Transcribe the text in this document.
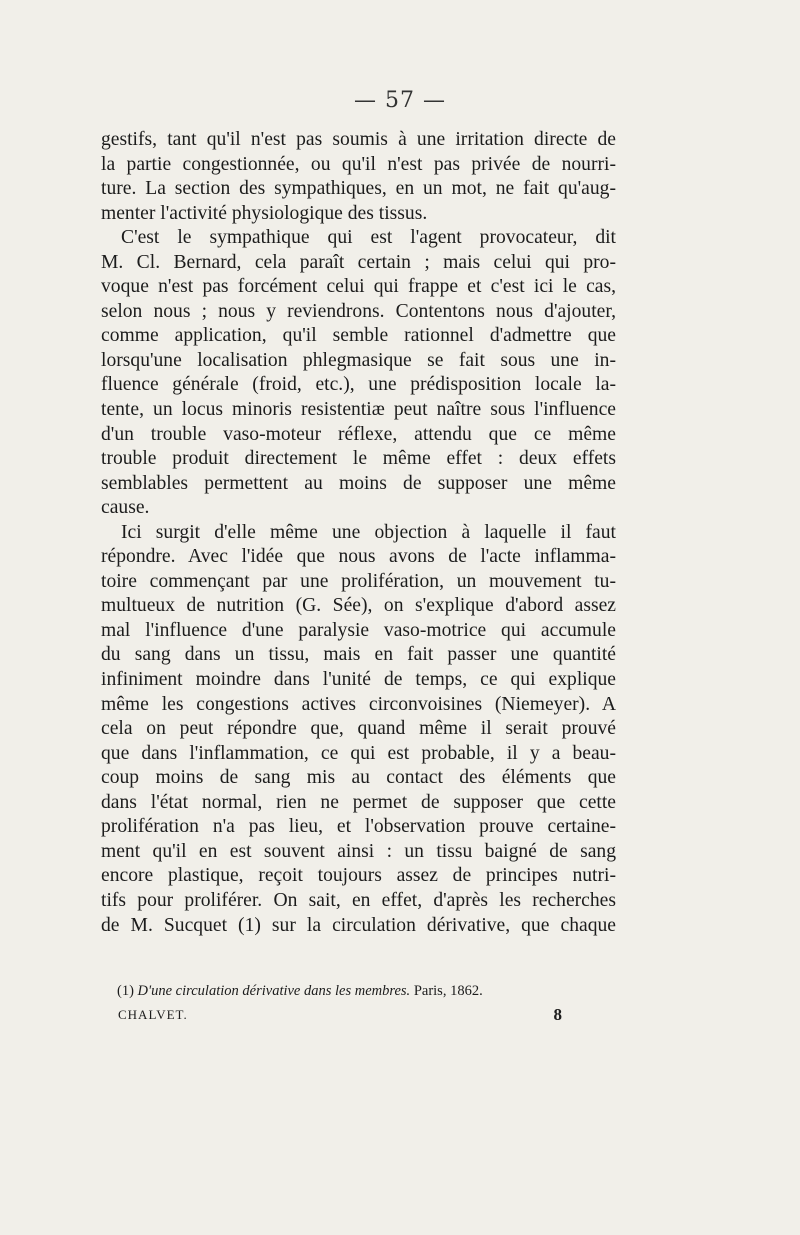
— 57 —
gestifs, tant qu'il n'est pas soumis à une irritation directe de
la partie congestionnée, ou qu'il n'est pas privée de nourri-
ture. La section des sympathiques, en un mot, ne fait qu'aug-
menter l'activité physiologique des tissus.
C'est le sympathique qui est l'agent provocateur, dit
M. Cl. Bernard, cela paraît certain ; mais celui qui pro-
voque n'est pas forcément celui qui frappe et c'est ici le cas,
selon nous ; nous y reviendrons. Contentons nous d'ajouter,
comme application, qu'il semble rationnel d'admettre que
lorsqu'une localisation phlegmasique se fait sous une in-
fluence générale (froid, etc.), une prédisposition locale la-
tente, un locus minoris resistentiæ peut naître sous l'influence
d'un trouble vaso-moteur réflexe, attendu que ce même
trouble produit directement le même effet : deux effets
semblables permettent au moins de supposer une même
cause.
Ici surgit d'elle même une objection à laquelle il faut
répondre. Avec l'idée que nous avons de l'acte inflamma-
toire commençant par une prolifération, un mouvement tu-
multueux de nutrition (G. Sée), on s'explique d'abord assez
mal l'influence d'une paralysie vaso-motrice qui accumule
du sang dans un tissu, mais en fait passer une quantité
infiniment moindre dans l'unité de temps, ce qui explique
même les congestions actives circonvoisines (Niemeyer). A
cela on peut répondre que, quand même il serait prouvé
que dans l'inflammation, ce qui est probable, il y a beau-
coup moins de sang mis au contact des éléments que
dans l'état normal, rien ne permet de supposer que cette
prolifération n'a pas lieu, et l'observation prouve certaine-
ment qu'il en est souvent ainsi : un tissu baigné de sang
encore plastique, reçoit toujours assez de principes nutri-
tifs pour proliférer. On sait, en effet, d'après les recherches
de M. Sucquet (1) sur la circulation dérivative, que chaque
(1) D'une circulation dérivative dans les membres. Paris, 1862.
CHALVET.	8
